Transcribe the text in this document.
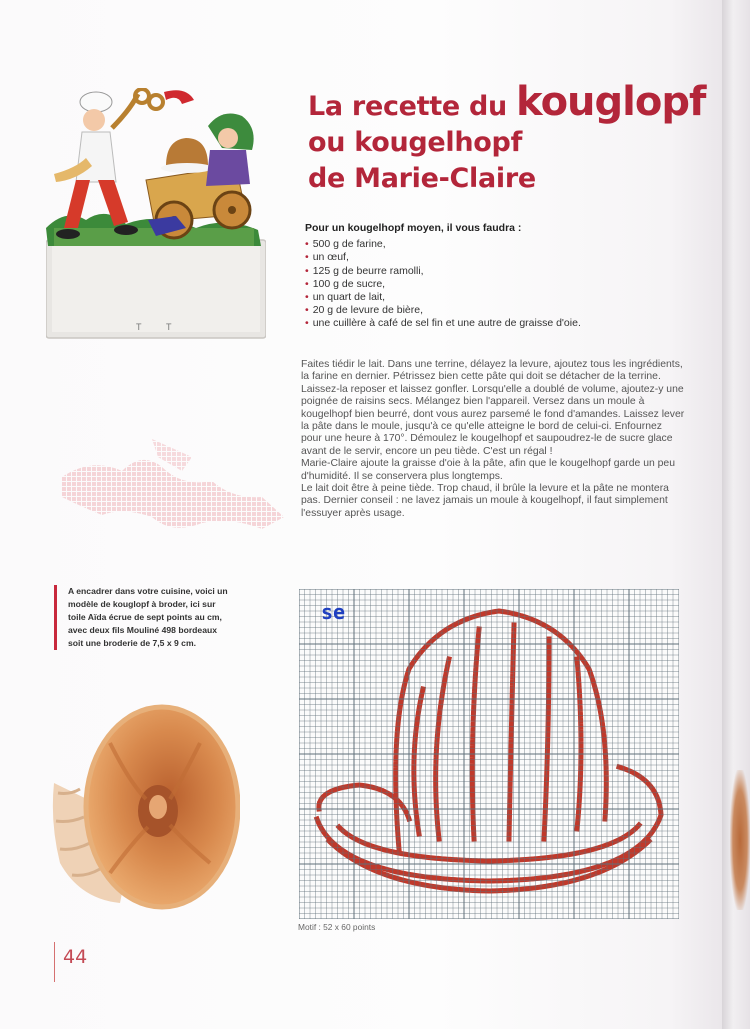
T	T
La recette du kouglopf
ou kougelhopf
de Marie-Claire
Pour un kougelhopf moyen, il vous faudra :
• 500 g de farine,
• un œuf,
• 125 g de beurre ramolli,
• 100 g de sucre,
• un quart de lait,
• 20 g de levure de bière,
• une cuillère à café de sel fin et une autre de graisse d'oie.

Faites tiédir le lait. Dans une terrine, délayez la levure, ajoutez tous les ingrédients, la farine en dernier. Pétrissez bien cette pâte qui doit se détacher de la terrine. Laissez-la reposer et laissez gonfler. Lorsqu'elle a doublé de volume, ajoutez-y une poignée de raisins secs. Mélangez bien l'appareil. Versez dans un moule à kougelhopf bien beurré, dont vous aurez parsemé le fond d'amandes. Laissez lever la pâte dans le moule, jusqu'à ce qu'elle atteigne le bord de celui-ci. Enfournez pour une heure à 170°. Démoulez le kougelhopf et saupoudrez-le de sucre glace avant de le servir, encore un peu tiède. C'est un régal !

Marie-Claire ajoute la graisse d'oie à la pâte, afin que le kougelhopf garde un peu d'humidité. Il se conservera plus longtemps.

Le lait doit être à peine tiède. Trop chaud, il brûle la levure et la pâte ne montera pas. Dernier conseil : ne lavez jamais un moule à kougelhopf, il faut simplement l'essuyer après usage.

A encadrer dans votre cuisine, voici un modèle de kouglopf à broder, ici sur toile Aïda écrue de sept points au cm, avec deux fils Mouliné 498 bordeaux soit une broderie de 7,5 x 9 cm.
se
Motif : 52 x 60 points
44
